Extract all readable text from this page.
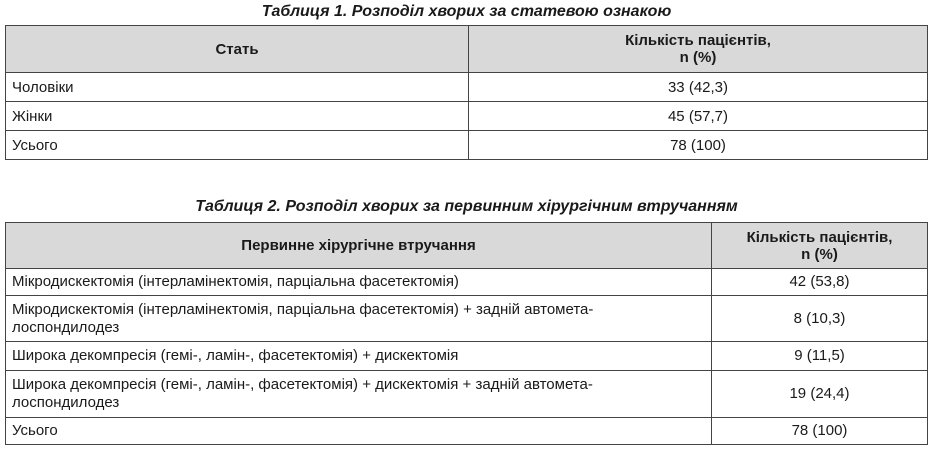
Таблиця 1. Розподіл хворих за статевою ознакою
Стать	Кількість пацієнтів,
n (%)
Чоловіки	33 (42,3)
Жінки	45 (57,7)
Усього	78 (100)
Таблиця 2. Розподіл хворих за первинним хірургічним втручанням
Первинне хірургічне втручання	Кількість пацієнтів,
n (%)
Мікродискектомія (інтерламінектомія, парціальна фасетектомія)	42 (53,8)
Мікродискектомія (інтерламінектомія, парціальна фасетектомія) + задній автомета-
лоспондилодез	8 (10,3)
Широка декомпресія (гемі-, ламін-, фасетектомія) + дискектомія	9 (11,5)
Широка декомпресія (гемі-, ламін-, фасетектомія) + дискектомія + задній автомета-
лоспондилодез	19 (24,4)
Усього	78 (100)
